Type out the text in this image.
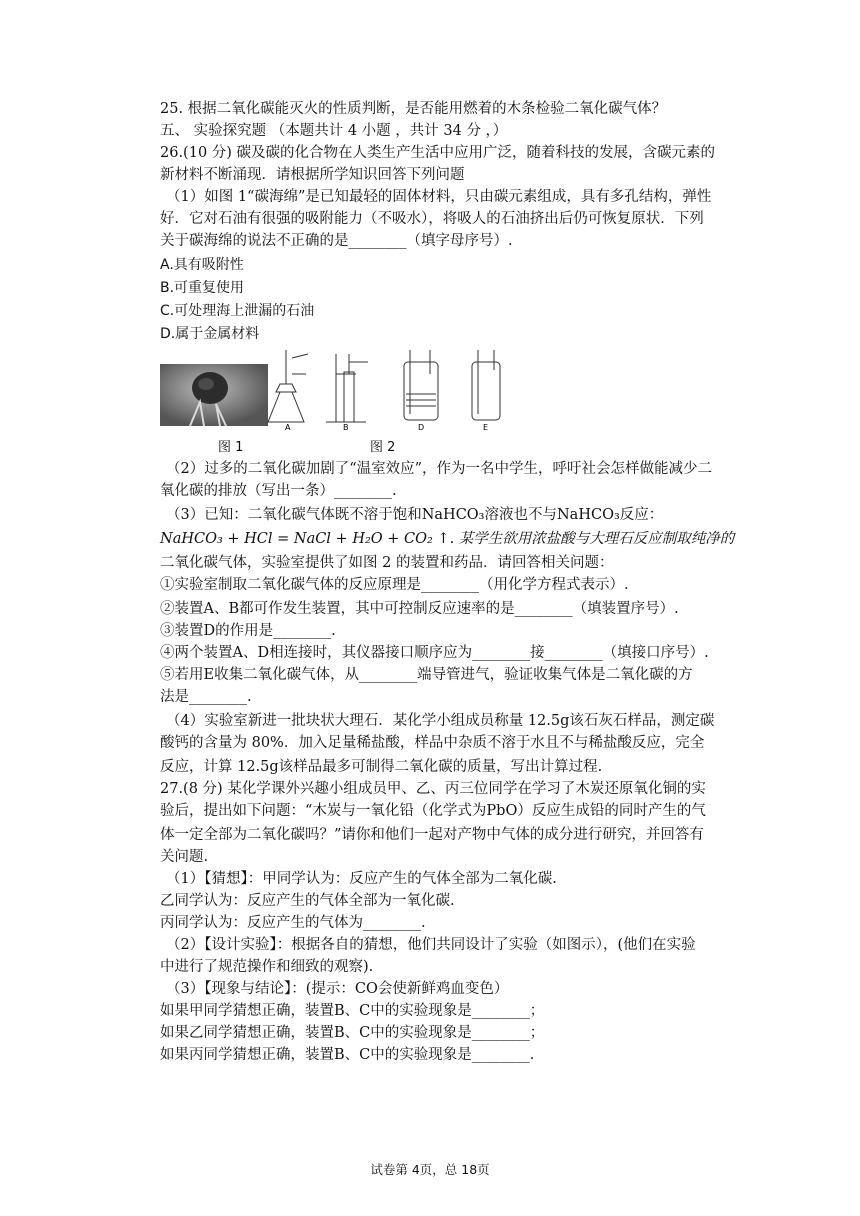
25. 根据二氧化碳能灭火的性质判断，是否能用燃着的木条检验二氧化碳气体？
五、 实验探究题 （本题共计 4 小题 ，共计 34 分 ，）
26.(10 分) 碳及碳的化合物在人类生产生活中应用广泛，随着科技的发展，含碳元素的
新材料不断涌现．请根据所学知识回答下列问题
（1）如图 1“碳海绵”是已知最轻的固体材料，只由碳元素组成，具有多孔结构，弹性
好．它对石油有很强的吸附能力（不吸水），将吸人的石油挤出后仍可恢复原状．下列
关于碳海绵的说法不正确的是________（填字母序号）.
A.具有吸附性
B.可重复使用
C.可处理海上泄漏的石油
D.属于金属材料
A	B	D	E
图 1	图 2
（2）过多的二氧化碳加剧了“温室效应”，作为一名中学生，呼吁社会怎样做能减少二
氧化碳的排放（写出一条）________.
（3）已知：二氧化碳气体既不溶于饱和NaHCO₃溶液也不与NaHCO₃反应：
NaHCO₃ + HCl = NaCl + H₂O + CO₂ ↑. 某学生欲用浓盐酸与大理石反应制取纯净的
二氧化碳气体，实验室提供了如图 2 的装置和药品．请回答相关问题：
①实验室制取二氧化碳气体的反应原理是________（用化学方程式表示）.
②装置A、B都可作发生装置，其中可控制反应速率的是________（填装置序号）.
③装置D的作用是________.
④两个装置A、D相连接时，其仪器接口顺序应为________接________（填接口序号）.
⑤若用E收集二氧化碳气体，从________端导管进气，验证收集气体是二氧化碳的方
法是________.
（4）实验室新进一批块状大理石．某化学小组成员称量 12.5g该石灰石样品，测定碳
酸钙的含量为 80%．加入足量稀盐酸，样品中杂质不溶于水且不与稀盐酸反应，完全
反应，计算 12.5g该样品最多可制得二氧化碳的质量，写出计算过程.
27.(8 分) 某化学课外兴趣小组成员甲、乙、丙三位同学在学习了木炭还原氧化铜的实
验后，提出如下问题：“木炭与一氧化铅（化学式为PbO）反应生成铅的同时产生的气
体一定全部为二氧化碳吗？”请你和他们一起对产物中气体的成分进行研究，并回答有
关问题.
（1）【猜想】：甲同学认为：反应产生的气体全部为二氧化碳.
乙同学认为：反应产生的气体全部为一氧化碳.
丙同学认为：反应产生的气体为________.
（2）【设计实验】：根据各自的猜想，他们共同设计了实验（如图示），(他们在实验
中进行了规范操作和细致的观察).
（3）【现象与结论】：(提示：CO会使新鲜鸡血变色）
如果甲同学猜想正确，装置B、C中的实验现象是________；
如果乙同学猜想正确，装置B、C中的实验现象是________；
如果丙同学猜想正确，装置B、C中的实验现象是________.
试卷第 4页，总 18页
